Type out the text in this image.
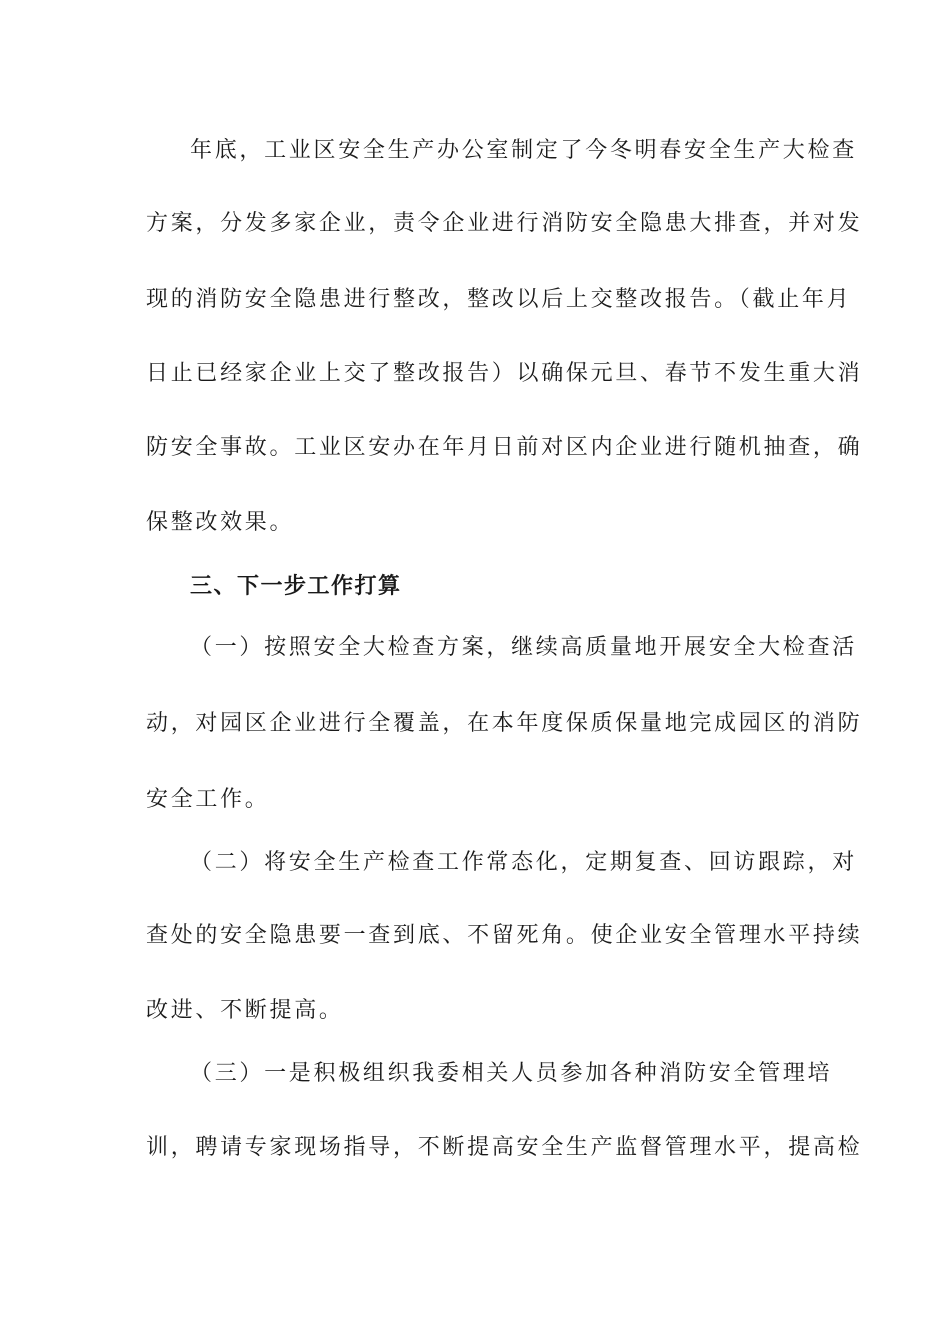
年底，工业区安全生产办公室制定了今冬明春安全生产大检查
方案，分发多家企业，责令企业进行消防安全隐患大排查，并对发
现的消防安全隐患进行整改，整改以后上交整改报告。（截止年月
日止已经家企业上交了整改报告）以确保元旦、春节不发生重大消
防安全事故。工业区安办在年月日前对区内企业进行随机抽查，确
保整改效果。
三、下一步工作打算
（一）按照安全大检查方案，继续高质量地开展安全大检查活
动，对园区企业进行全覆盖，在本年度保质保量地完成园区的消防
安全工作。
（二）将安全生产检查工作常态化，定期复查、回访跟踪，对
查处的安全隐患要一查到底、不留死角。使企业安全管理水平持续
改进、不断提高。
（三）一是积极组织我委相关人员参加各种消防安全管理培
训，聘请专家现场指导，不断提高安全生产监督管理水平，提高检
